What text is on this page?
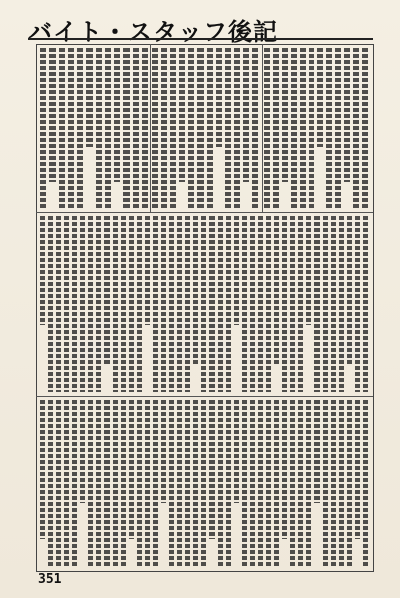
バイト・スタッフ後記
351
